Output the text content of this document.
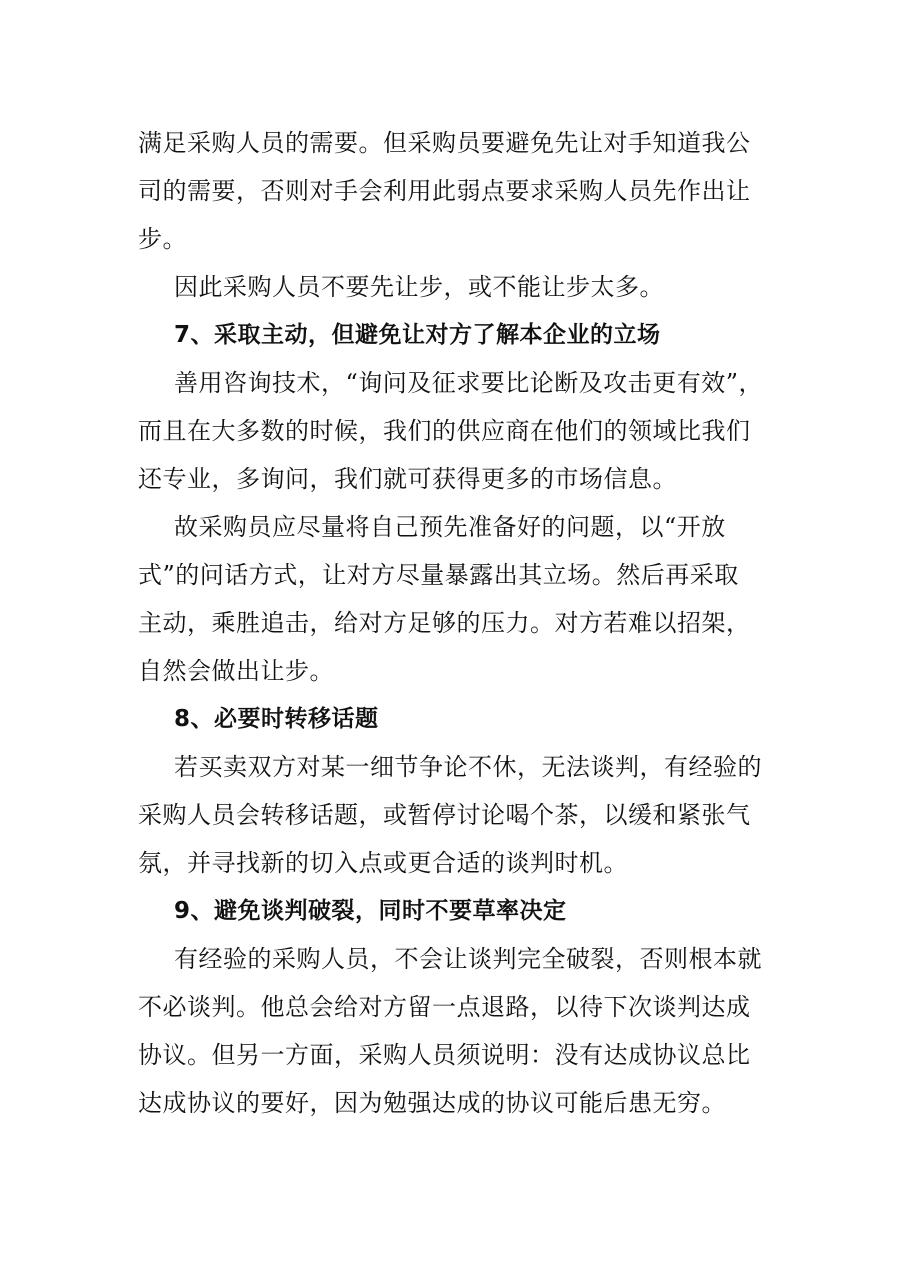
满足采购人员的需要。但采购员要避免先让对手知道我公
司的需要，否则对手会利用此弱点要求采购人员先作出让
步。
因此采购人员不要先让步，或不能让步太多。
7、采取主动，但避免让对方了解本企业的立场
善用咨询技术，“询问及征求要比论断及攻击更有效”，
而且在大多数的时候，我们的供应商在他们的领域比我们
还专业，多询问，我们就可获得更多的市场信息。
故采购员应尽量将自己预先准备好的问题，以“开放
式”的问话方式，让对方尽量暴露出其立场。然后再采取
主动，乘胜追击，给对方足够的压力。对方若难以招架，
自然会做出让步。
8、必要时转移话题
若买卖双方对某一细节争论不休，无法谈判，有经验的
采购人员会转移话题，或暂停讨论喝个茶，以缓和紧张气
氛，并寻找新的切入点或更合适的谈判时机。
9、避免谈判破裂，同时不要草率决定
有经验的采购人员，不会让谈判完全破裂，否则根本就
不必谈判。他总会给对方留一点退路，以待下次谈判达成
协议。但另一方面，采购人员须说明：没有达成协议总比
达成协议的要好，因为勉强达成的协议可能后患无穷。
